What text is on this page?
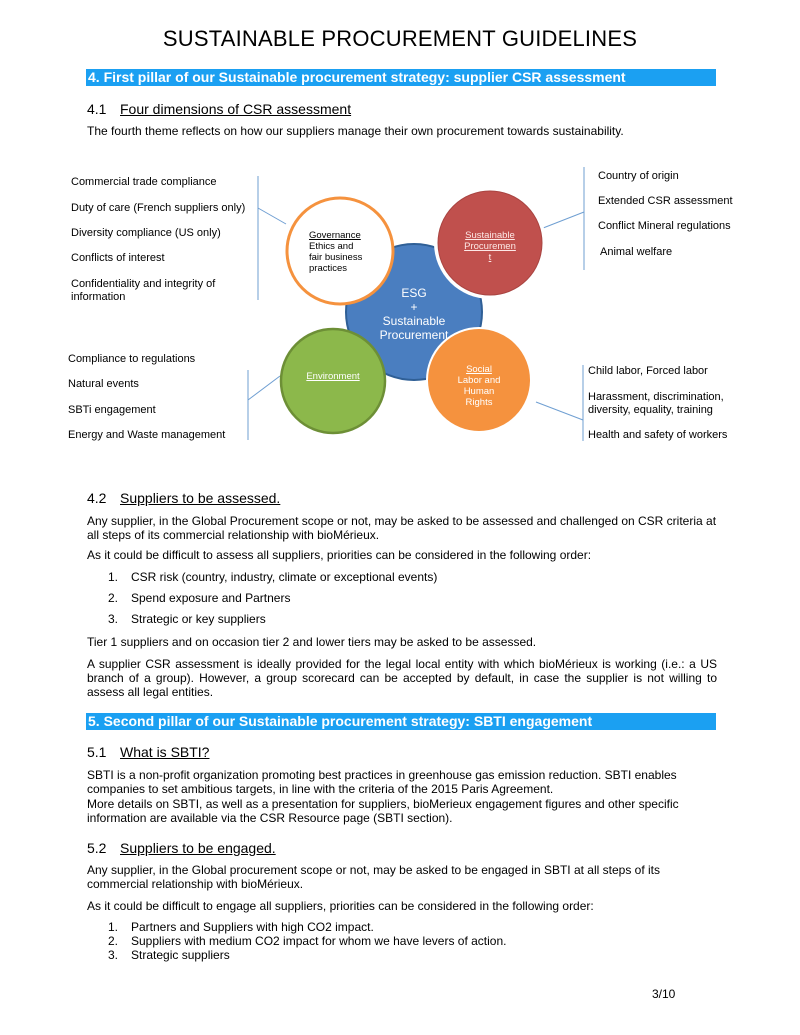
SUSTAINABLE PROCUREMENT GUIDELINES
4. First pillar of our Sustainable procurement strategy: supplier CSR assessment
4.1 Four dimensions of CSR assessment
The fourth theme reflects on how our suppliers manage their own procurement towards sustainability.
ESG
+
Sustainable
Procurement
Governance
Ethics and
fair business
practices
Sustainable
Procuremen
t
Environment
Social
Labor and
Human
Rights
Commercial trade compliance
Duty of care (French suppliers only)
Diversity compliance (US only)
Conflicts of interest
Confidentiality and integrity of information
Country of origin
Extended CSR assessment
Conflict Mineral regulations
Animal welfare
Compliance to regulations
Natural events
SBTi engagement
Energy and Waste management
Child labor, Forced labor
Harassment, discrimination, diversity, equality, training
Health and safety of workers
4.2 Suppliers to be assessed.
Any supplier, in the Global Procurement scope or not, may be asked to be assessed and challenged on CSR criteria at all steps of its commercial relationship with bioMérieux.
As it could be difficult to assess all suppliers, priorities can be considered in the following order:
1. CSR risk (country, industry, climate or exceptional events)
2. Spend exposure and Partners
3. Strategic or key suppliers
Tier 1 suppliers and on occasion tier 2 and lower tiers may be asked to be assessed.
A supplier CSR assessment is ideally provided for the legal local entity with which bioMérieux is working (i.e.: a US branch of a group). However, a group scorecard can be accepted by default, in case the supplier is not willing to assess all legal entities.
5. Second pillar of our Sustainable procurement strategy: SBTI engagement
5.1 What is SBTI?
SBTI is a non-profit organization promoting best practices in greenhouse gas emission reduction. SBTI enables companies to set ambitious targets, in line with the criteria of the 2015 Paris Agreement.
More details on SBTI, as well as a presentation for suppliers, bioMerieux engagement figures and other specific information are available via the CSR Resource page (SBTI section).
5.2 Suppliers to be engaged.
Any supplier, in the Global procurement scope or not, may be asked to be engaged in SBTI at all steps of its commercial relationship with bioMérieux.
As it could be difficult to engage all suppliers, priorities can be considered in the following order:
1. Partners and Suppliers with high CO2 impact.
2. Suppliers with medium CO2 impact for whom we have levers of action.
3. Strategic suppliers
3/10
